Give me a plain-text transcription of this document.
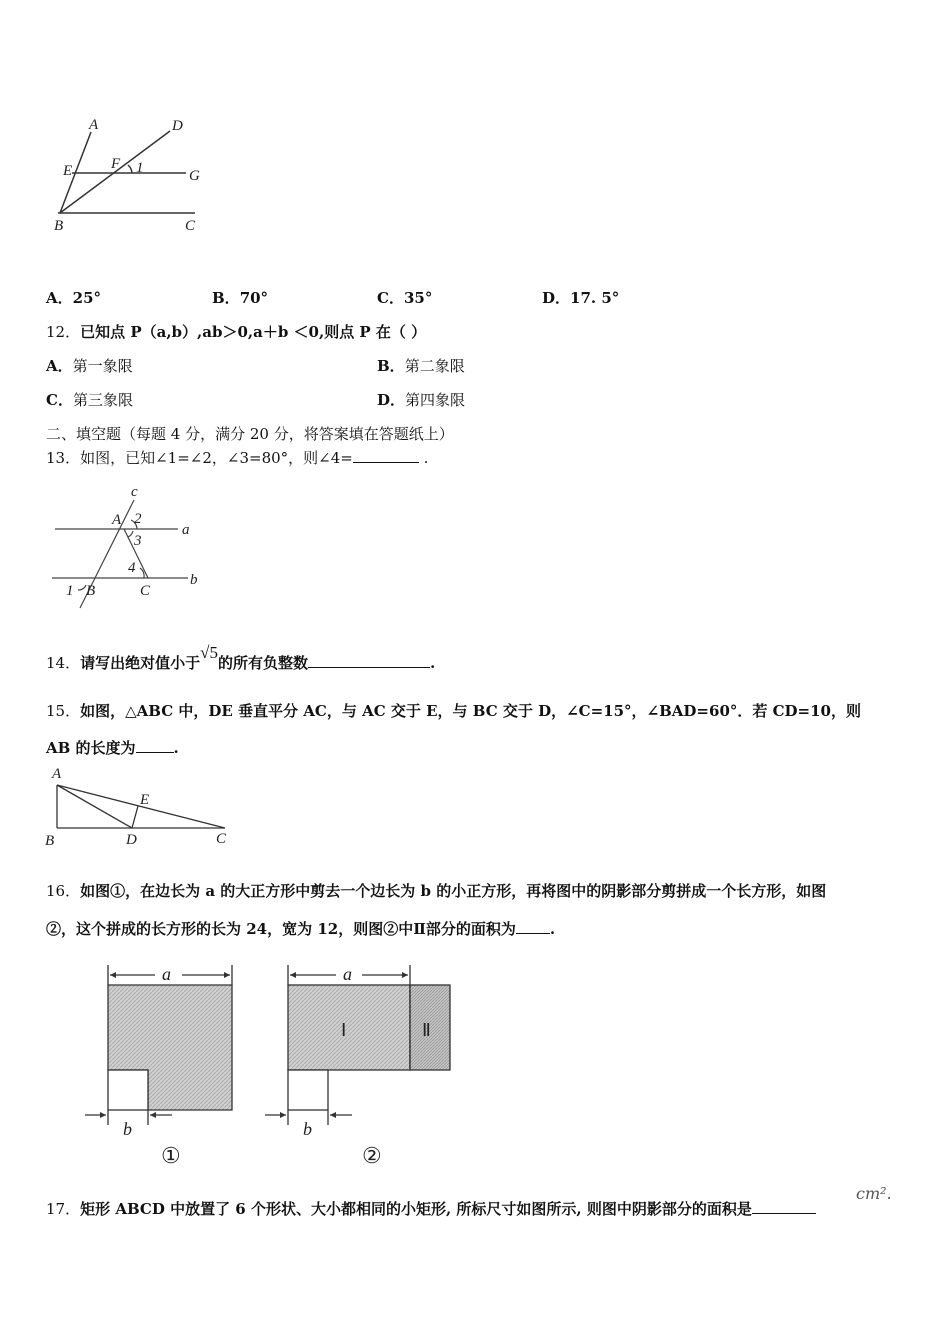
A	D
E	F 1	G
B	C
A．25°	B．70°	C．35°	D．17. 5°
12．已知点 P（a,b）,ab＞0,a＋b ＜0,则点 P 在（ ）
A．第一象限	B．第二象限
C．第三象限	D．第四象限
二、填空题（每题 4 分，满分 20 分，将答案填在答题纸上）
13．如图，已知∠1=∠2，∠3=80°，则∠4=	.
c
A 2
3
a
4
1 B	C
b
14．请写出绝对值小于√5的所有负整数	.
15．如图，△ABC 中，DE 垂直平分 AC，与 AC 交于 E，与 BC 交于 D，∠C=15°，∠BAD=60°．若 CD=10，则
AB 的长度为	.
A
B	D
E
C
16．如图①，在边长为 a 的大正方形中剪去一个边长为 b 的小正方形，再将图中的阴影部分剪拼成一个长方形，如图
②，这个拼成的长方形的长为 24，宽为 12，则图②中Ⅱ部分的面积为 .
a
b
①
a
b
Ⅰ	Ⅱ
②
17．矩形 ABCD 中放置了 6 个形状、大小都相同的小矩形, 所标尺寸如图所示, 则图中阴影部分的面积是
cm².
